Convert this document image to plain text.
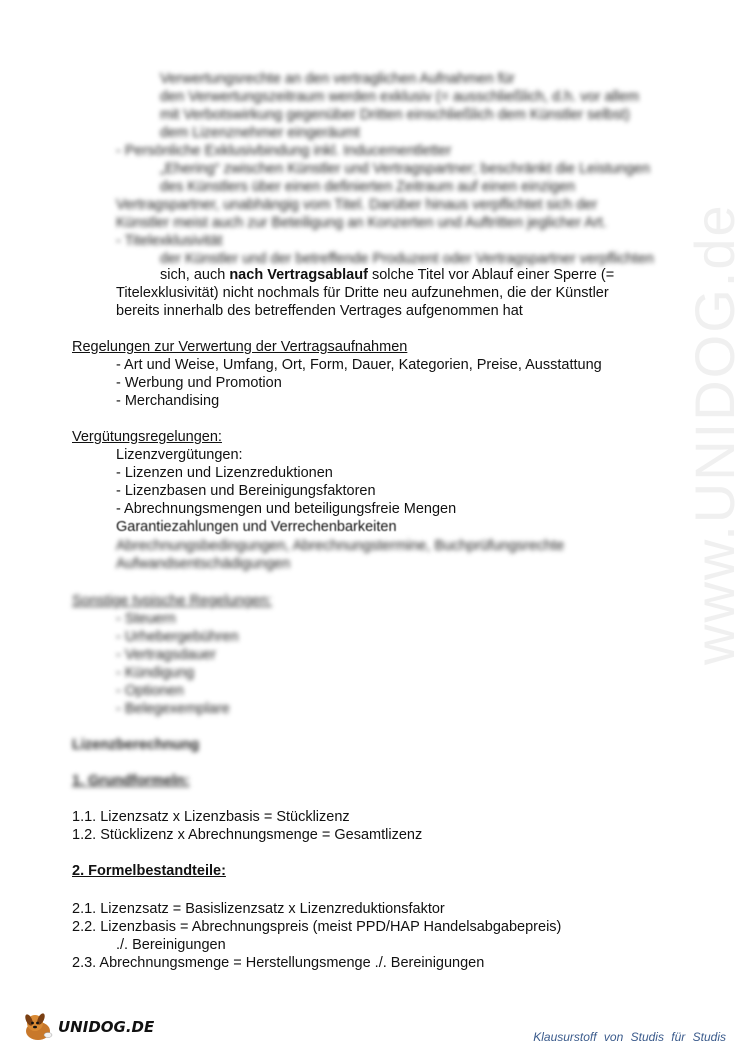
www.UNIDOG.de
Verwertungsrechte an den vertraglichen Aufnahmen für
den Verwertungszeitraum werden exklusiv (= ausschließlich, d.h. vor allem
mit Verbotswirkung gegenüber Dritten einschließlich dem Künstler selbst)
dem Lizenznehmer eingeräumt
- Persönliche Exklusivbindung inkl. Inducementletter
„Ehering“ zwischen Künstler und Vertragspartner; beschränkt die Leistungen
des Künstlers über einen definierten Zeitraum auf einen einzigen
Vertragspartner, unabhängig vom Titel. Darüber hinaus verpflichtet sich der
Künstler meist auch zur Beteiligung an Konzerten und Auftritten jeglicher Art.
- Titelexklusivität
der Künstler und der betreffende Produzent oder Vertragspartner verpflichten
sich, auch nach Vertragsablauf solche Titel vor Ablauf einer Sperre (=
Titelexklusivität) nicht nochmals für Dritte neu aufzunehmen, die der Künstler
bereits innerhalb des betreffenden Vertrages aufgenommen hat
Regelungen zur Verwertung der Vertragsaufnahmen
- Art und Weise, Umfang, Ort, Form, Dauer, Kategorien, Preise, Ausstattung
- Werbung und Promotion
- Merchandising
Vergütungsregelungen:
Lizenzvergütungen:
- Lizenzen und Lizenzreduktionen
- Lizenzbasen und Bereinigungsfaktoren
- Abrechnungsmengen und beteiligungsfreie Mengen
Garantiezahlungen und Verrechenbarkeiten
Abrechnungsbedingungen, Abrechnungstermine, Buchprüfungsrechte
Aufwandsentschädigungen
Sonstige typische Regelungen:
- Steuern
- Urhebergebühren
- Vertragsdauer
- Kündigung
- Optionen
- Belegexemplare
Lizenzberechnung
1. Grundformeln:
1.1. Lizenzsatz x Lizenzbasis = Stücklizenz
1.2. Stücklizenz x Abrechnungsmenge = Gesamtlizenz
2. Formelbestandteile:
2.1. Lizenzsatz = Basislizenzsatz x Lizenzreduktionsfaktor
2.2. Lizenzbasis = Abrechnungspreis (meist PPD/HAP Handelsabgabepreis)
./. Bereinigungen
2.3. Abrechnungsmenge = Herstellungsmenge ./. Bereinigungen
UNIDOG.DE
Klausurstoff von Studis für Studis
